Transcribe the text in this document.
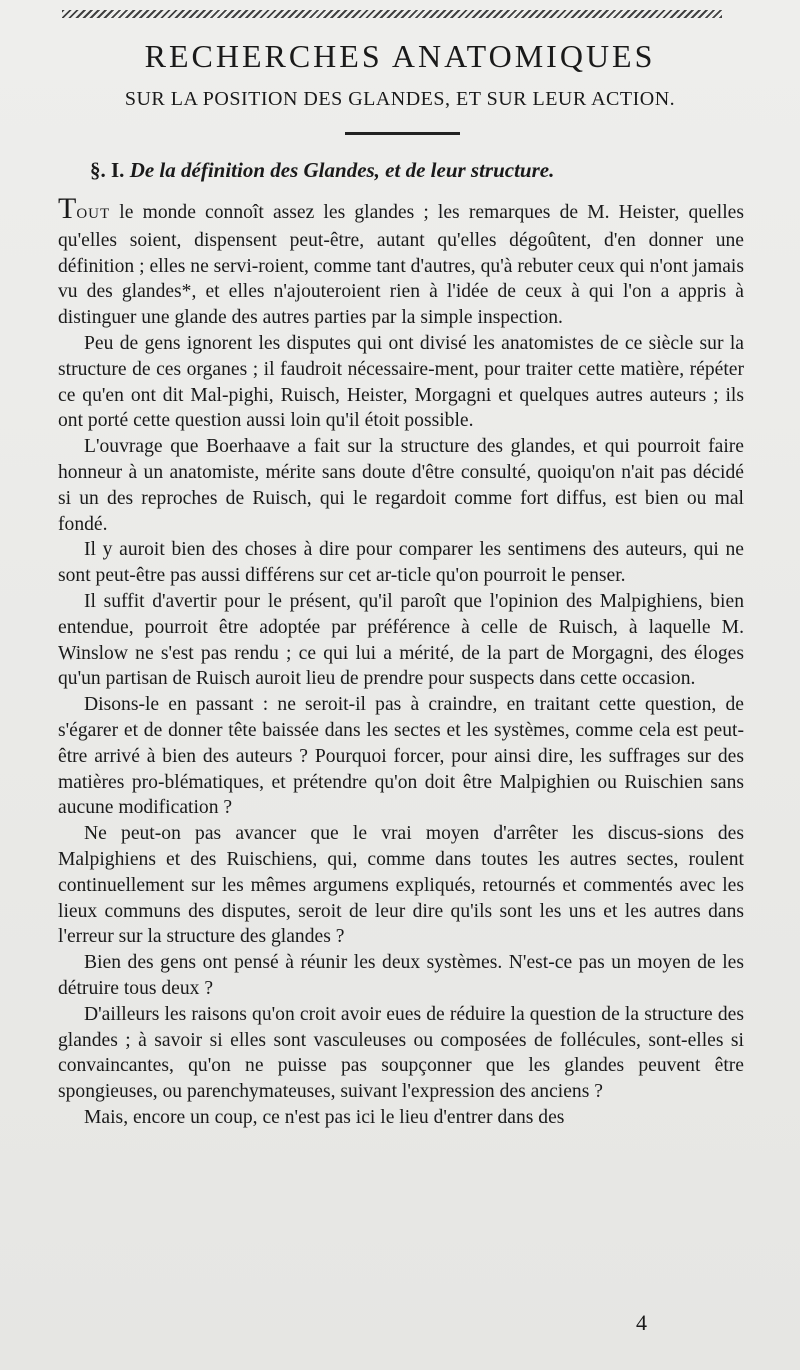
RECHERCHES ANATOMIQUES
SUR LA POSITION DES GLANDES, ET SUR LEUR ACTION.
§. I. De la définition des Glandes, et de leur structure.

TOUT le monde connoît assez les glandes ; les remarques de M. Heister, quelles qu'elles soient, dispensent peut-être, autant qu'elles dégoûtent, d'en donner une définition ; elles ne servi-roient, comme tant d'autres, qu'à rebuter ceux qui n'ont jamais vu des glandes*, et elles n'ajouteroient rien à l'idée de ceux à qui l'on a appris à distinguer une glande des autres parties par la simple inspection.

Peu de gens ignorent les disputes qui ont divisé les anatomistes de ce siècle sur la structure de ces organes ; il faudroit nécessaire-ment, pour traiter cette matière, répéter ce qu'en ont dit Mal-pighi, Ruisch, Heister, Morgagni et quelques autres auteurs ; ils ont porté cette question aussi loin qu'il étoit possible.

L'ouvrage que Boerhaave a fait sur la structure des glandes, et qui pourroit faire honneur à un anatomiste, mérite sans doute d'être consulté, quoiqu'on n'ait pas décidé si un des reproches de Ruisch, qui le regardoit comme fort diffus, est bien ou mal fondé.

Il y auroit bien des choses à dire pour comparer les sentimens des auteurs, qui ne sont peut-être pas aussi différens sur cet ar-ticle qu'on pourroit le penser.

Il suffit d'avertir pour le présent, qu'il paroît que l'opinion des Malpighiens, bien entendue, pourroit être adoptée par préférence à celle de Ruisch, à laquelle M. Winslow ne s'est pas rendu ; ce qui lui a mérité, de la part de Morgagni, des éloges qu'un partisan de Ruisch auroit lieu de prendre pour suspects dans cette occasion.

Disons-le en passant : ne seroit-il pas à craindre, en traitant cette question, de s'égarer et de donner tête baissée dans les sectes et les systèmes, comme cela est peut-être arrivé à bien des auteurs ? Pourquoi forcer, pour ainsi dire, les suffrages sur des matières pro-blématiques, et prétendre qu'on doit être Malpighien ou Ruischien sans aucune modification ?

Ne peut-on pas avancer que le vrai moyen d'arrêter les discus-sions des Malpighiens et des Ruischiens, qui, comme dans toutes les autres sectes, roulent continuellement sur les mêmes argumens expliqués, retournés et commentés avec les lieux communs des disputes, seroit de leur dire qu'ils sont les uns et les autres dans l'erreur sur la structure des glandes ?

Bien des gens ont pensé à réunir les deux systèmes. N'est-ce pas un moyen de les détruire tous deux ?

D'ailleurs les raisons qu'on croit avoir eues de réduire la question de la structure des glandes ; à savoir si elles sont vasculeuses ou composées de follécules, sont-elles si convaincantes, qu'on ne puisse pas soupçonner que les glandes peuvent être spongieuses, ou parenchymateuses, suivant l'expression des anciens ?

Mais, encore un coup, ce n'est pas ici le lieu d'entrer dans des

4
